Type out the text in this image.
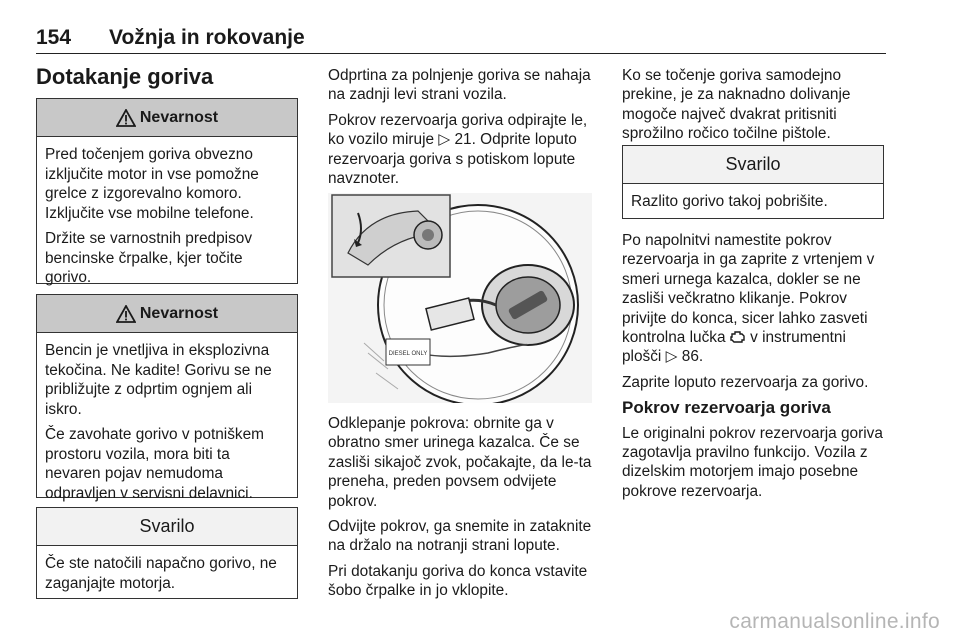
154 Vožnja in rokovanje
Dotakanje goriva
Nevarnost

Pred točenjem goriva obvezno izključite motor in vse pomožne grelce z izgorevalno komoro. Izključite vse mobilne telefone.

Držite se varnostnih predpisov bencinske črpalke, kjer točite gorivo.

Nevarnost

Bencin je vnetljiva in eksplozivna tekočina. Ne kadite! Gorivu se ne približujte z odprtim ognjem ali iskro.

Če zavohate gorivo v potniškem prostoru vozila, mora biti ta nevaren pojav nemudoma odpravljen v servisni delavnici.

Svarilo

Če ste natočili napačno gorivo, ne zaganjajte motorja.

Odprtina za polnjenje goriva se nahaja na zadnji levi strani vozila.

Pokrov rezervoarja goriva odpirajte le, ko vozilo miruje ▷ 21. Odprite loputo rezervoarja goriva s potiskom lopute navznoter.

DIESEL ONLY

Odklepanje pokrova: obrnite ga v obratno smer urinega kazalca. Če se zasliši sikajoč zvok, počakajte, da le-ta preneha, preden povsem odvijete pokrov.

Odvijte pokrov, ga snemite in zataknite na držalo na notranji strani lopute.

Pri dotakanju goriva do konca vstavite šobo črpalke in jo vklopite.

Ko se točenje goriva samodejno prekine, je za naknadno dolivanje mogoče največ dvakrat pritisniti sprožilno ročico točilne pištole.

Svarilo

Razlito gorivo takoj pobrišite.

Po napolnitvi namestite pokrov rezervoarja in ga zaprite z vrtenjem v smeri urnega kazalca, dokler se ne zasliši večkratno klikanje. Pokrov privijte do konca, sicer lahko zasveti kontrolna lučka v instrumentni plošči ▷ 86.

Zaprite loputo rezervoarja za gorivo.

Pokrov rezervoarja goriva

Le originalni pokrov rezervoarja goriva zagotavlja pravilno funkcijo. Vozila z dizelskim motorjem imajo posebne pokrove rezervoarja.

carmanualsonline.info
